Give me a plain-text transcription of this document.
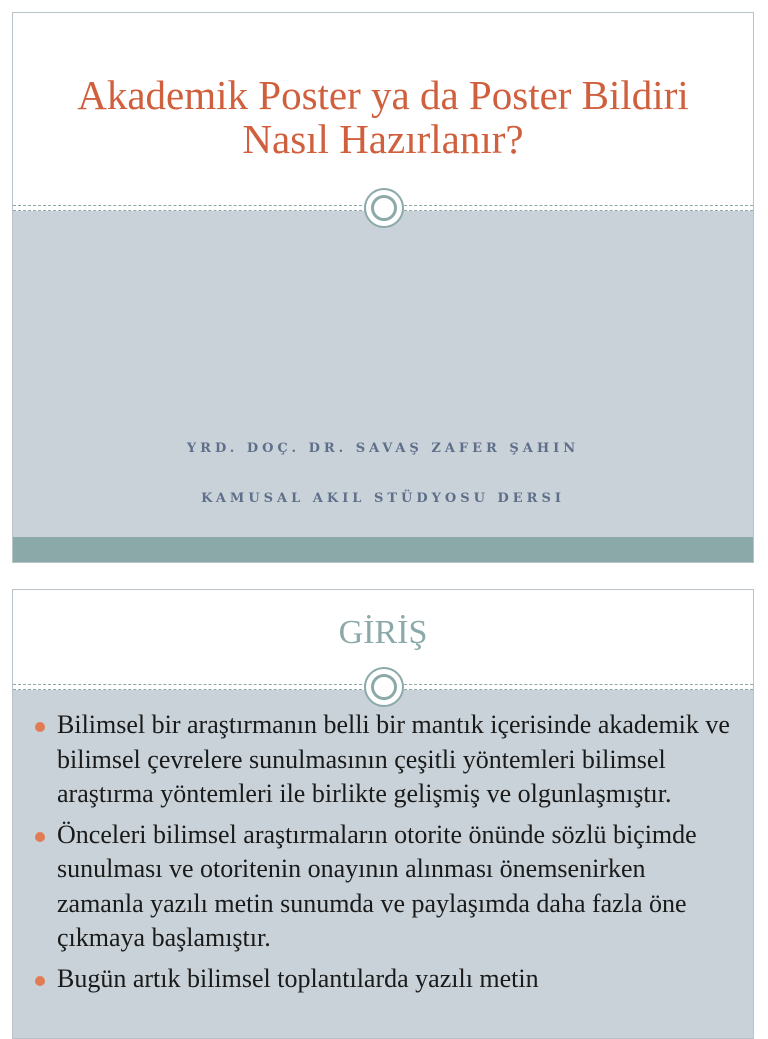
Akademik Poster ya da Poster Bildiri Nasıl Hazırlanır?

YRD. DOÇ. DR. SAVAŞ ZAFER ŞAHIN

KAMUSAL AKIL STÜDYOSU DERSI

GİRİŞ
Bilimsel bir araştırmanın belli bir mantık içerisinde akademik ve bilimsel çevrelere sunulmasının çeşitli yöntemleri bilimsel araştırma yöntemleri ile birlikte gelişmiş ve olgunlaşmıştır.
Önceleri bilimsel araştırmaların otorite önünde sözlü biçimde sunulması ve otoritenin onayının alınması önemsenirken zamanla yazılı metin sunumda ve paylaşımda daha fazla öne çıkmaya başlamıştır.
Bugün artık bilimsel toplantılarda yazılı metin
